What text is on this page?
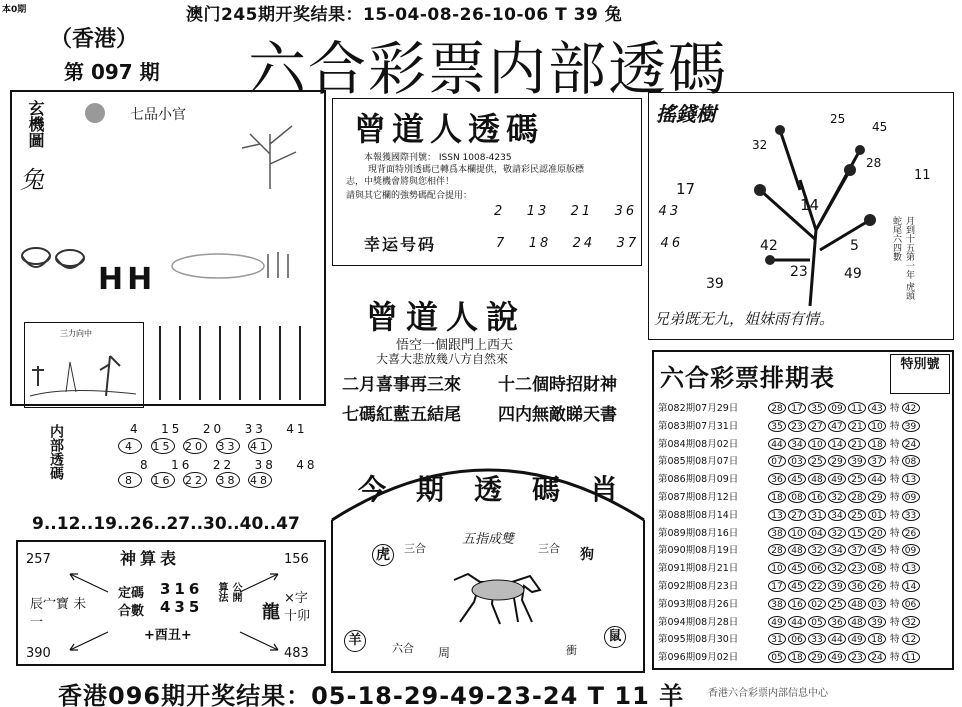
本0期	澳门245期开奖结果：15-04-08-26-10-06 T 39 兔
（香港）
第 097 期 六合彩票内部透碼
玄機圖
兔
七品小官
HH
三力向中
内部透碼	4 15 20 33 41
4 15 20 33 41
8 16 22 38 48
8 16 22 38 48
9..12..19..26..27..30..40..47
神算表
257	156
390	483
定碼 316
合數 435
算法 公開
+酉丑+
辰宀寶 未一	龍
×字 十卯
曾道人透碼
本報獲國際刊號： ISSN 1008-4235
現背面特別透碼已轉爲本欄提供，敬請彩民認准原版標
志，中獎機會將與您相伴！
請與其它欄的強勢碼配合提用：
2 13 21 36 43
幸运号码	7 18 24 37 46
曾道人說
悟空一個跟門上西天
大喜大悲放幾八方自然來
二月喜事再三來 十二個時招財神
七碼紅藍五結尾 四内無敵睇天書
今期透碼肖
五指成雙
虎	三合	三合 狗
羊
六合 周	衝
鼠
搖錢樹	25
45
32
28
17
14
11
42	5
23	49
39	月到十五第一年 虎頭蛇尾六四數
兄弟既无九，姐妹雨有情。
六合彩票排期表	特別號
第082期07月29日	28 17 35 09 11 43 特 42
第083期07月31日	35 23 27 47 21 10 特 39
第084期08月02日	44 34 10 14 21 18 特 24
第085期08月07日	07 03 25 29 39 37 特 08
第086期08月09日	36 45 48 49 25 44 特 13
第087期08月12日	18 08 16 32 28 29 特 09
第088期08月14日	13 27 31 34 25 01 特 33
第089期08月16日	38 10 04 32 15 20 特 26
第090期08月19日	28 48 32 34 37 45 特 09
第091期08月21日	10 45 06 32 23 08 特 13
第092期08月23日	17 45 22 39 36 26 特 14
第093期08月26日	38 16 02 25 48 03 特 06
第094期08月28日	49 44 05 36 48 39 特 32
第095期08月30日	31 06 33 44 49 18 特 12
第096期09月02日	05 18 29 49 23 24 特 11
香港096期开奖结果：05-18-29-49-23-24 T 11 羊 香港六合彩票内部信息中心
